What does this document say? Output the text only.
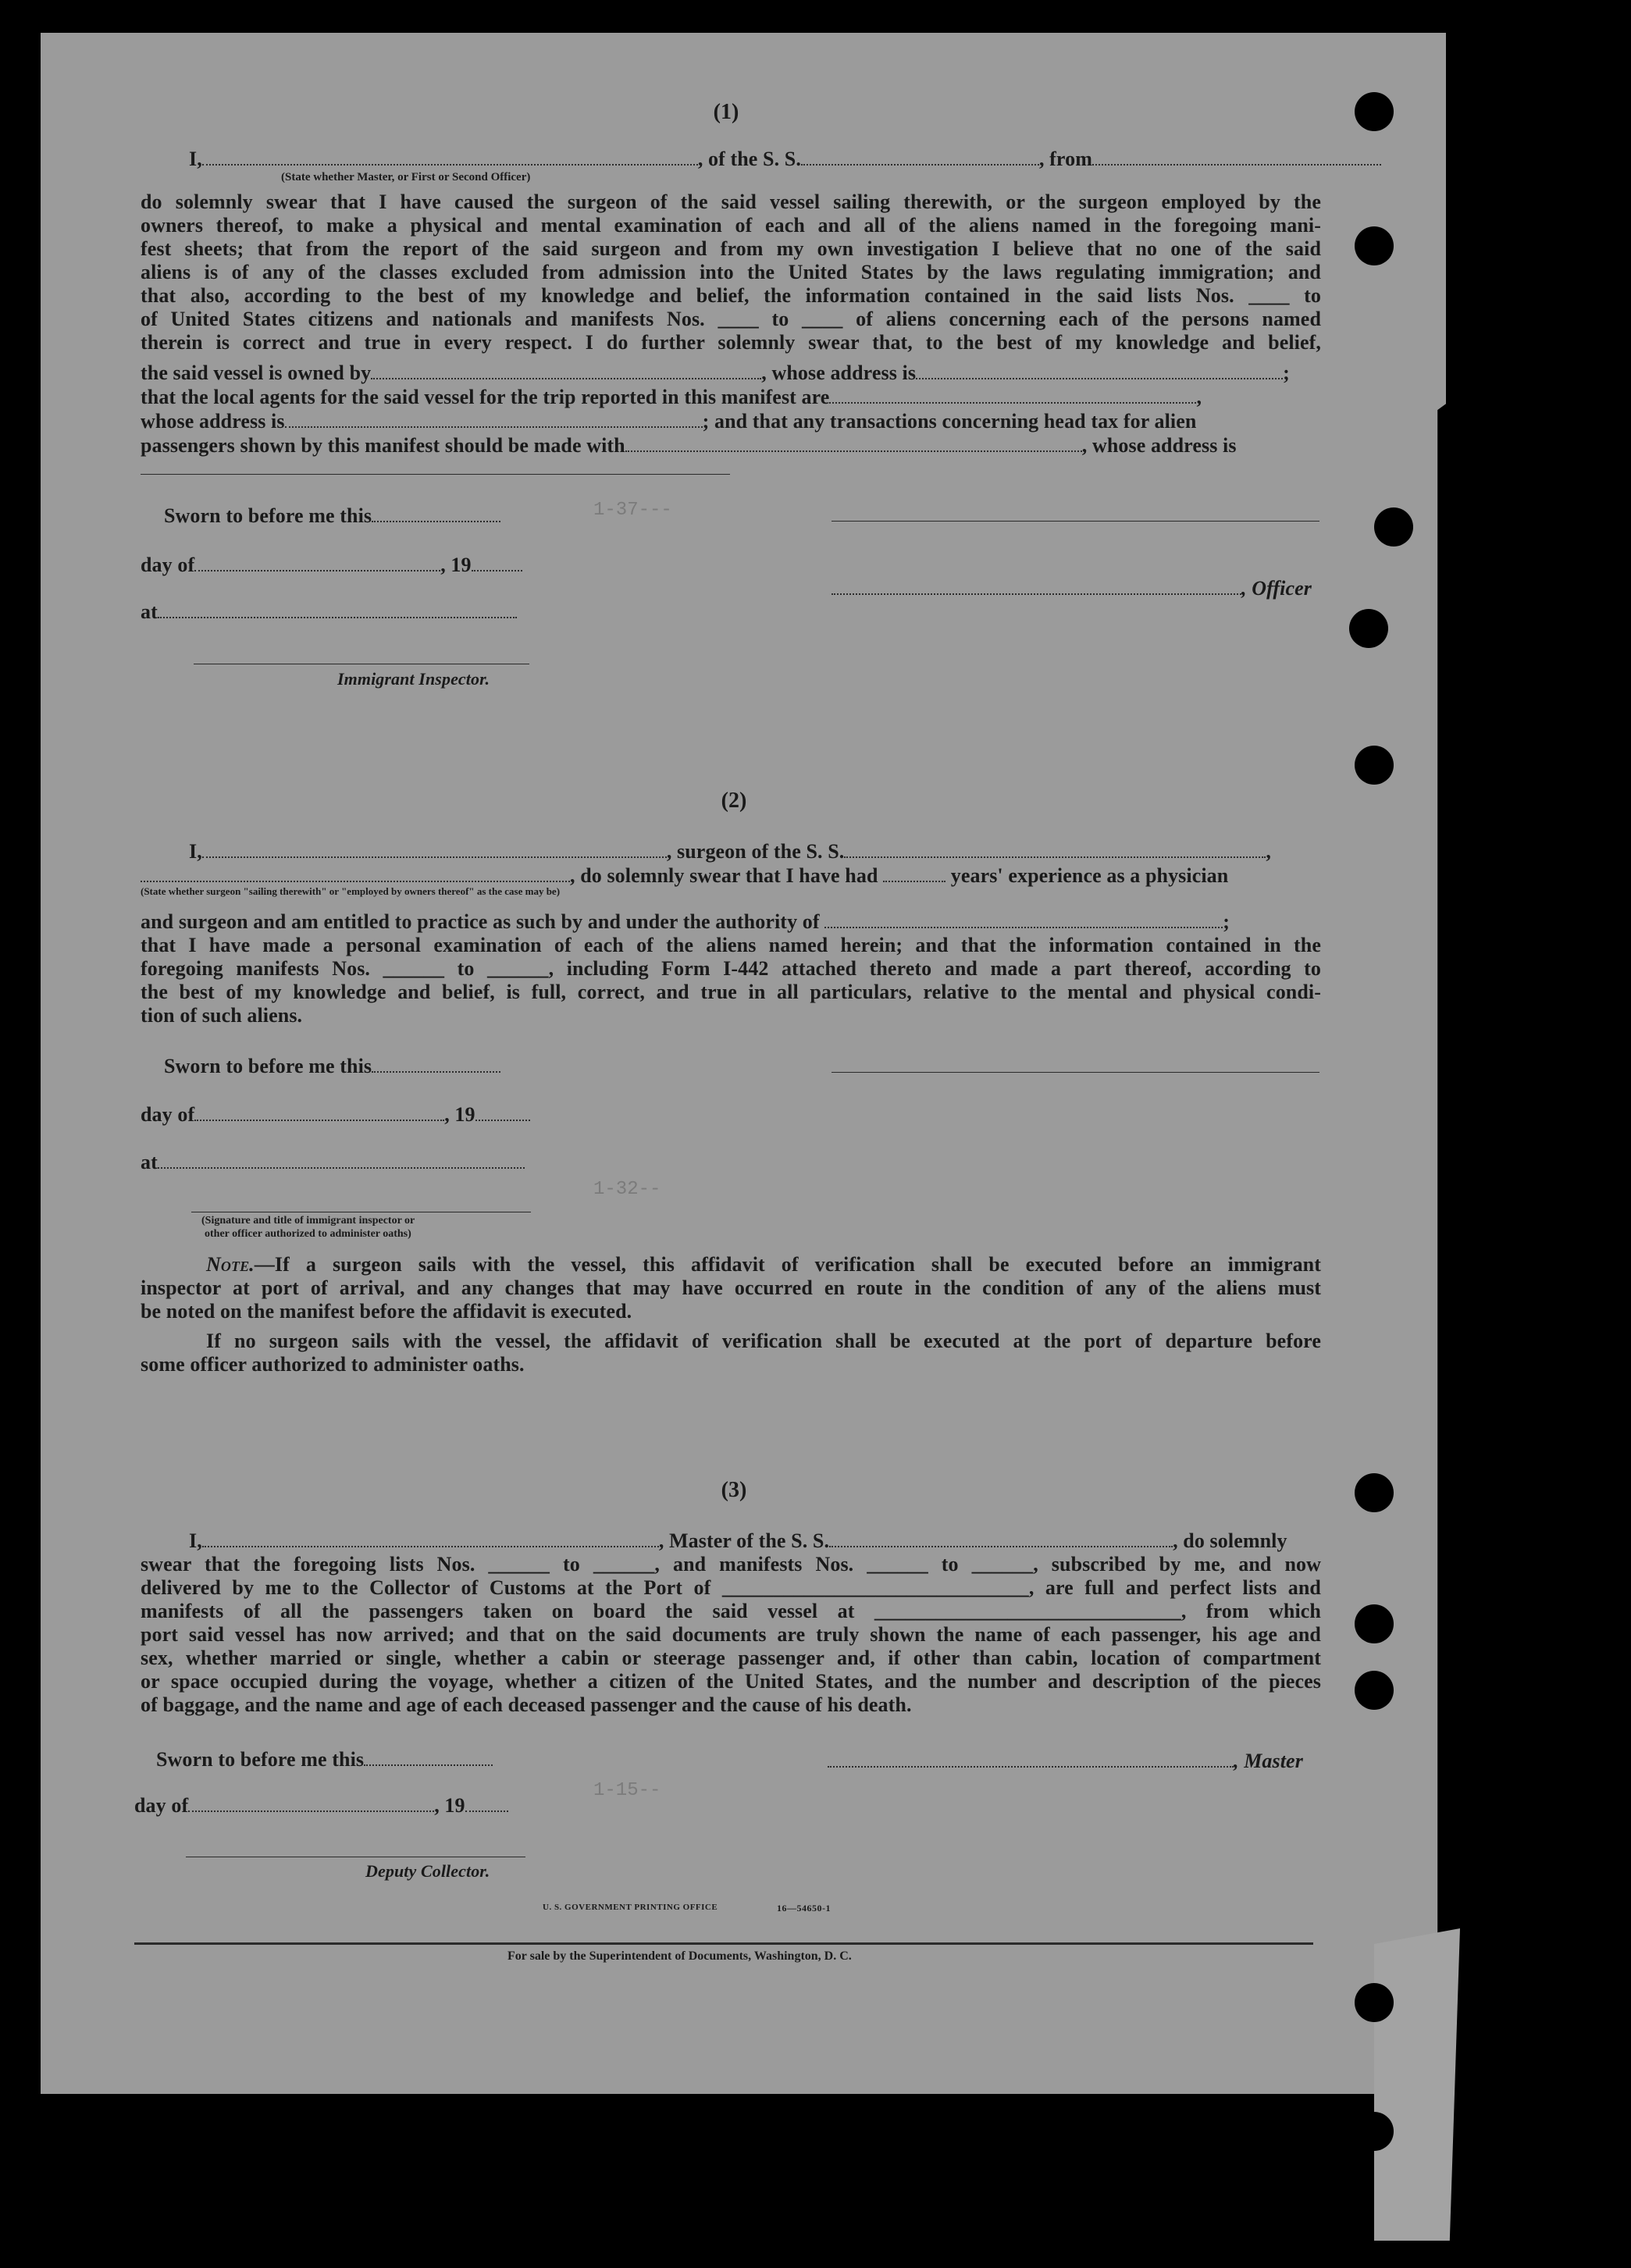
1-37---
1-32--
1-15--
(1)
I,	, of the S. S.	, from
(State whether Master, or First or Second Officer)
do solemnly swear that I have caused the surgeon of the said vessel sailing therewith, or the surgeon employed by the
owners thereof, to make a physical and mental examination of each and all of the aliens named in the foregoing mani-
fest sheets; that from the report of the said surgeon and from my own investigation I believe that no one of the said
aliens is of any of the classes excluded from admission into the United States by the laws regulating immigration; and
that also, according to the best of my knowledge and belief, the information contained in the said lists Nos. ____ to
of United States citizens and nationals and manifests Nos. ____ to ____ of aliens concerning each of the persons named
therein is correct and true in every respect. I do further solemnly swear that, to the best of my knowledge and belief,
the said vessel is owned by	, whose address is	;
that the local agents for the said vessel for the trip reported in this manifest are	,
whose address is	; and that any transactions concerning head tax for alien
passengers shown by this manifest should be made with	, whose address is
Sworn to before me this
day of	, 19
, Officer
at
Immigrant Inspector.
(2)
I,	, surgeon of the S. S.	,
, do solemnly swear that I have had	years' experience as a physician
(State whether surgeon "sailing therewith" or "employed by owners thereof" as the case may be)
and surgeon and am entitled to practice as such by and under the authority of	;
that I have made a personal examination of each of the aliens named herein; and that the information contained in the
foregoing manifests Nos. ______ to ______, including Form I-442 attached thereto and made a part thereof, according to
the best of my knowledge and belief, is full, correct, and true in all particulars, relative to the mental and physical condi-
tion of such aliens.
Sworn to before me this
day of	, 19
at
(Signature and title of immigrant inspector or
other officer authorized to administer oaths)
Note.—If a surgeon sails with the vessel, this affidavit of verification shall be executed before an immigrant
inspector at port of arrival, and any changes that may have occurred en route in the condition of any of the aliens must
be noted on the manifest before the affidavit is executed.
If no surgeon sails with the vessel, the affidavit of verification shall be executed at the port of departure before
some officer authorized to administer oaths.
(3)
I,	, Master of the S. S.	, do solemnly
swear that the foregoing lists Nos. ______ to ______, and manifests Nos. ______ to ______, subscribed by me, and now
delivered by me to the Collector of Customs at the Port of ______________________________, are full and perfect lists and
manifests of all the passengers taken on board the said vessel at ______________________________, from which
port said vessel has now arrived; and that on the said documents are truly shown the name of each passenger, his age and
sex, whether married or single, whether a cabin or steerage passenger and, if other than cabin, location of compartment
or space occupied during the voyage, whether a citizen of the United States, and the number and description of the pieces
of baggage, and the name and age of each deceased passenger and the cause of his death.
Sworn to before me this	, Master
day of	, 19
Deputy Collector.
U. S. GOVERNMENT PRINTING OFFICE	16—54650-1
For sale by the Superintendent of Documents, Washington, D. C.
